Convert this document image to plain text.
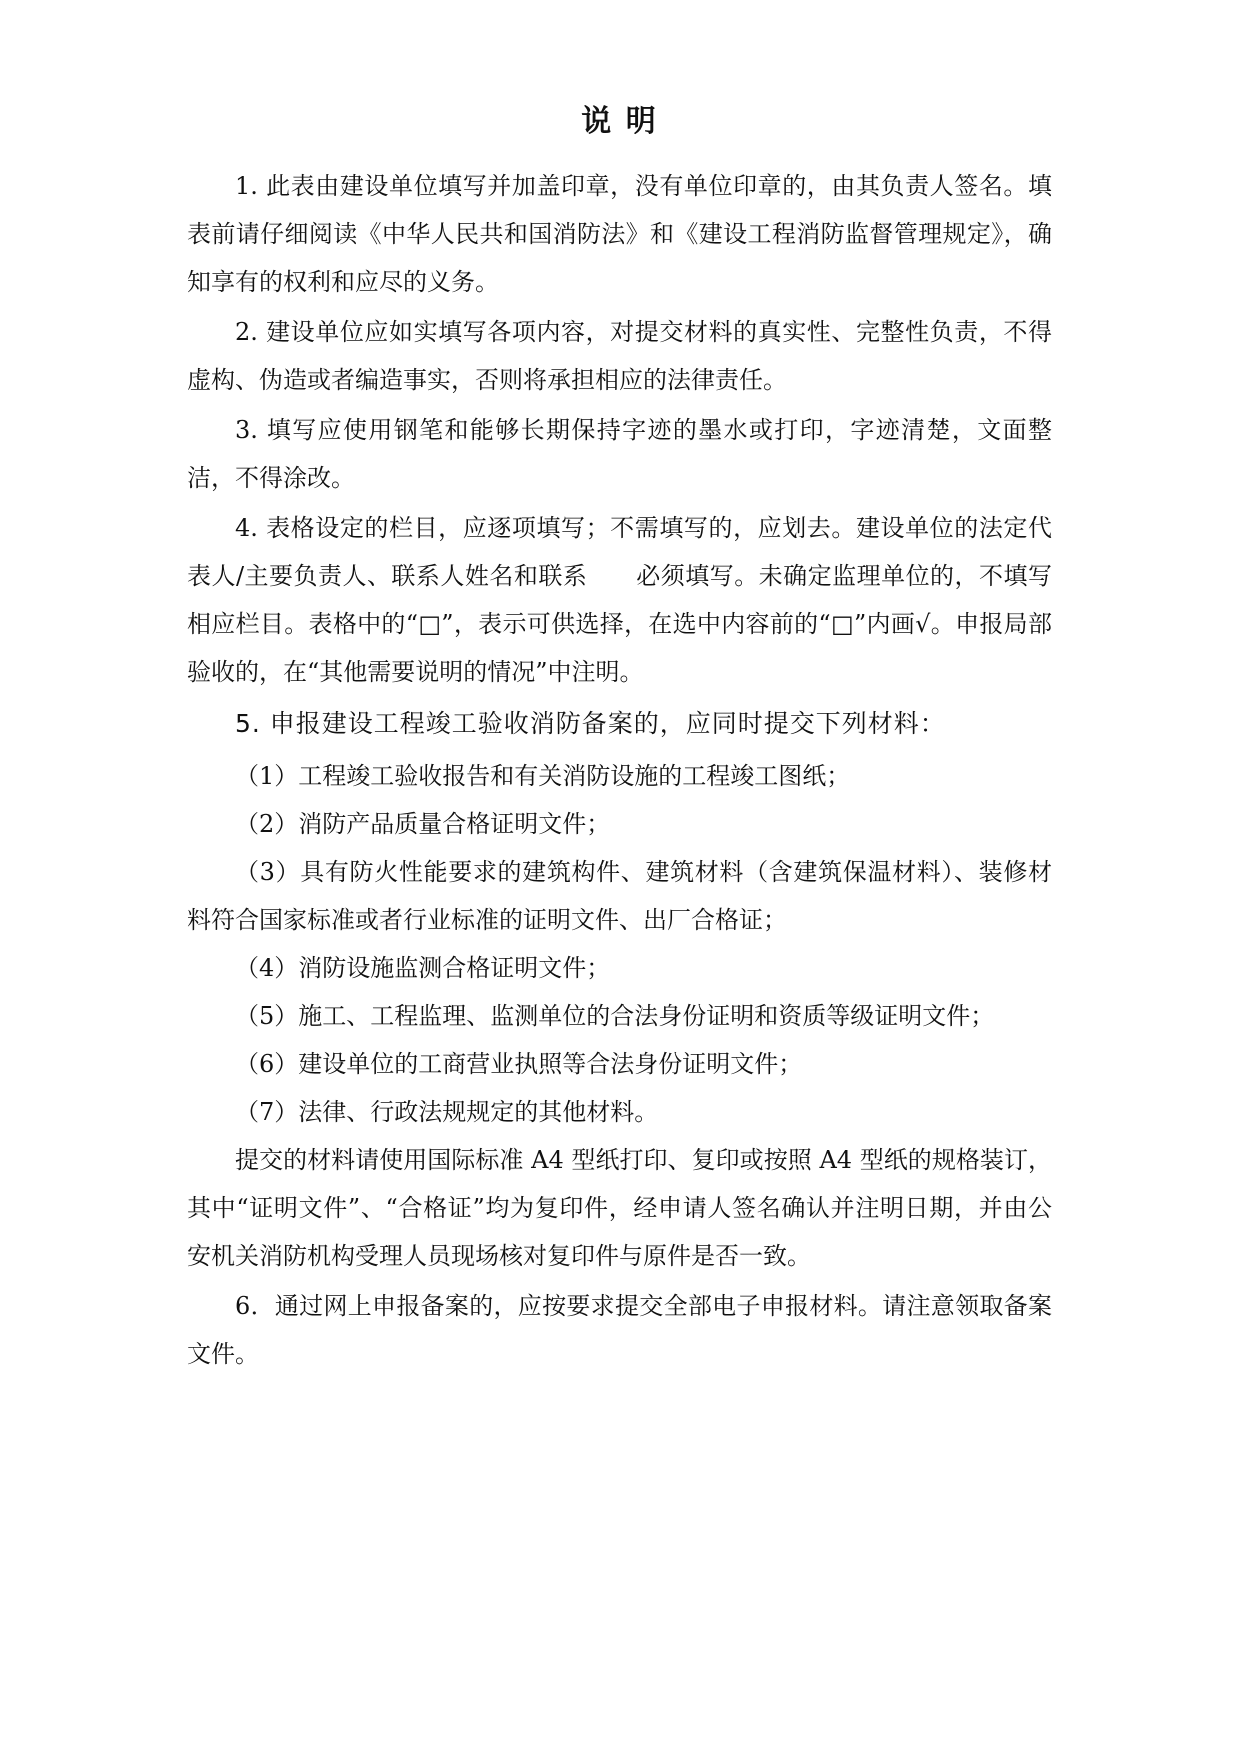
说 明

1. 此表由建设单位填写并加盖印章，没有单位印章的，由其负责人签名。填表前请仔细阅读《中华人民共和国消防法》和《建设工程消防监督管理规定》，确知享有的权利和应尽的义务。

2. 建设单位应如实填写各项内容，对提交材料的真实性、完整性负责，不得虚构、伪造或者编造事实，否则将承担相应的法律责任。

3. 填写应使用钢笔和能够长期保持字迹的墨水或打印，字迹清楚，文面整洁，不得涂改。

4. 表格设定的栏目，应逐项填写；不需填写的，应划去。建设单位的法定代表人/主要负责人、联系人姓名和联系　　必须填写。未确定监理单位的，不填写相应栏目。表格中的“□”，表示可供选择，在选中内容前的“□”内画√。申报局部验收的，在“其他需要说明的情况”中注明。

5. 申报建设工程竣工验收消防备案的，应同时提交下列材料：

（1）工程竣工验收报告和有关消防设施的工程竣工图纸；

（2）消防产品质量合格证明文件；

（3）具有防火性能要求的建筑构件、建筑材料（含建筑保温材料）、装修材料符合国家标准或者行业标准的证明文件、出厂合格证；

（4）消防设施监测合格证明文件；

（5）施工、工程监理、监测单位的合法身份证明和资质等级证明文件；

（6）建设单位的工商营业执照等合法身份证明文件；

（7）法律、行政法规规定的其他材料。

提交的材料请使用国际标准 A4 型纸打印、复印或按照 A4 型纸的规格装订，其中“证明文件”、“合格证”均为复印件，经申请人签名确认并注明日期，并由公安机关消防机构受理人员现场核对复印件与原件是否一致。

6．通过网上申报备案的，应按要求提交全部电子申报材料。请注意领取备案文件。
